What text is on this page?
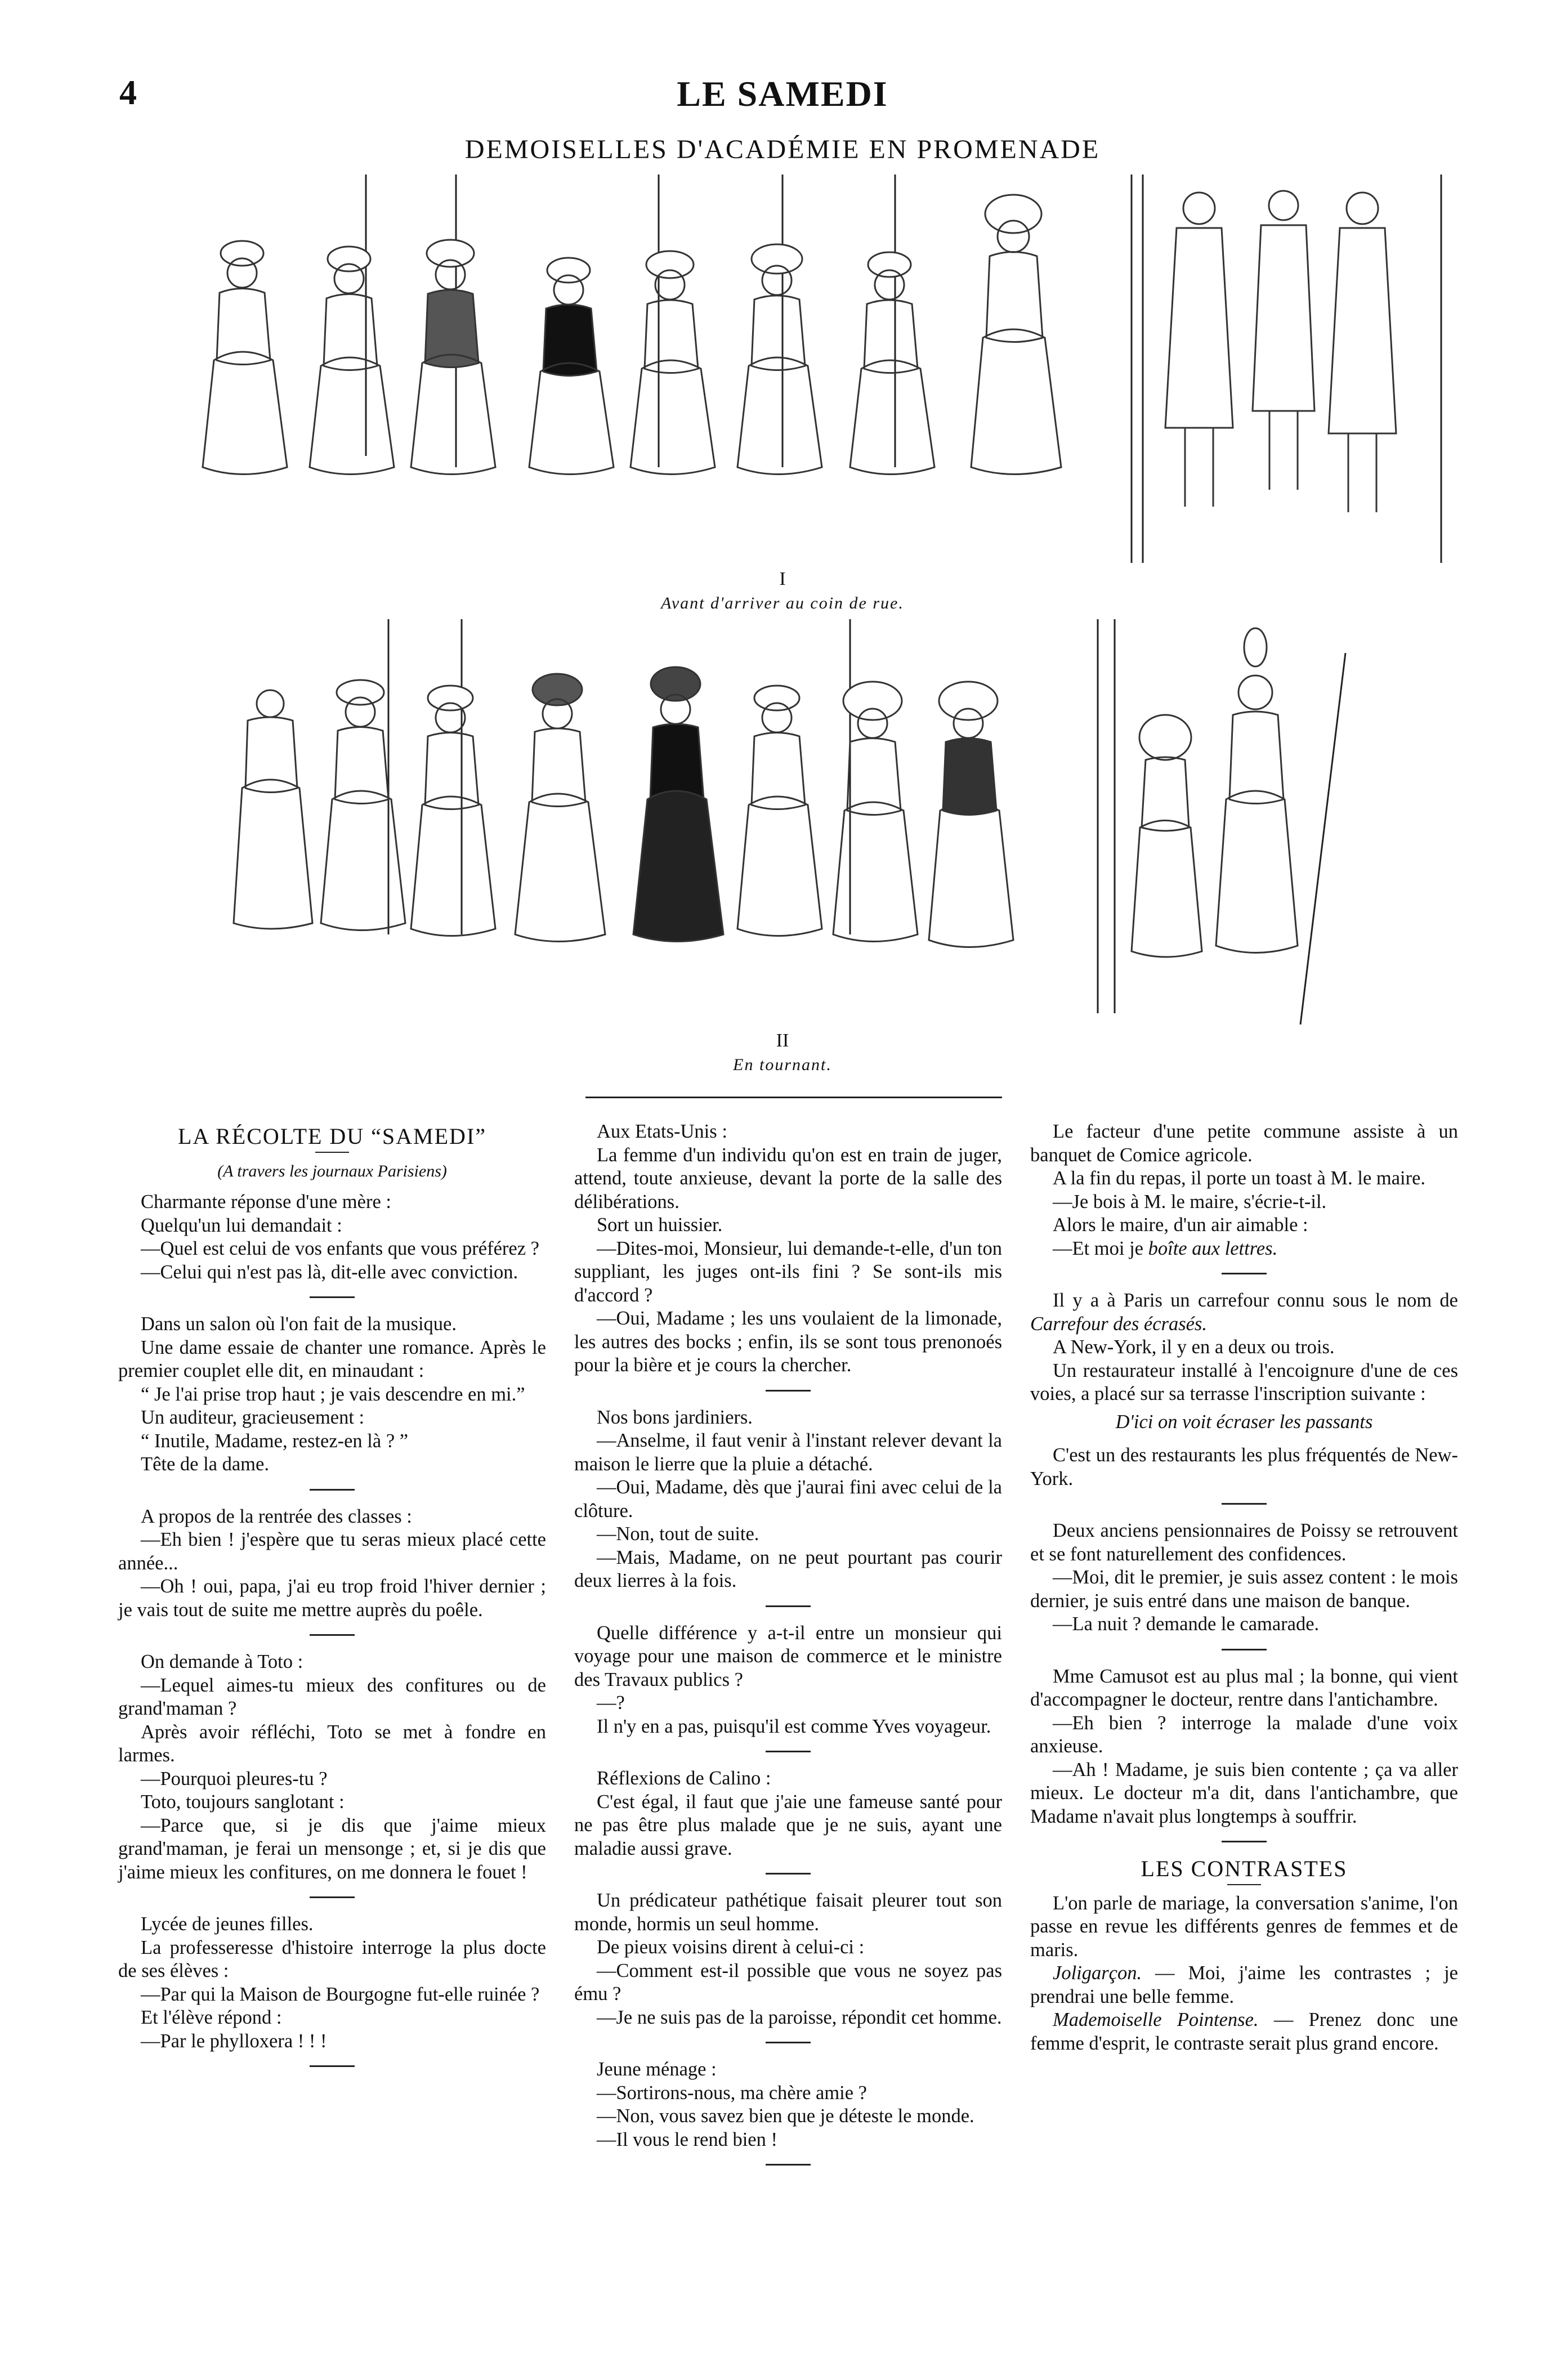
4	LE SAMEDI
DEMOISELLES D'ACADÉMIE EN PROMENADE
I
Avant d'arriver au coin de rue.
II
En tournant.

LA RÉCOLTE DU “SAMEDI”

(A travers les journaux Parisiens)

Charmante réponse d'une mère :

Quelqu'un lui demandait :

—Quel est celui de vos enfants que vous préférez ?

—Celui qui n'est pas là, dit-elle avec conviction.

Dans un salon où l'on fait de la musique.

Une dame essaie de chanter une romance. Après le premier couplet elle dit, en minaudant :

“ Je l'ai prise trop haut ; je vais descendre en mi.”

Un auditeur, gracieusement :

“ Inutile, Madame, restez-en là ? ”

Tête de la dame.

A propos de la rentrée des classes :

—Eh bien ! j'espère que tu seras mieux placé cette année...

—Oh ! oui, papa, j'ai eu trop froid l'hiver dernier ; je vais tout de suite me mettre auprès du poêle.

On demande à Toto :

—Lequel aimes-tu mieux des confitures ou de grand'maman ?

Après avoir réfléchi, Toto se met à fondre en larmes.

—Pourquoi pleures-tu ?

Toto, toujours sanglotant :

—Parce que, si je dis que j'aime mieux grand'maman, je ferai un mensonge ; et, si je dis que j'aime mieux les confitures, on me donnera le fouet !

Lycée de jeunes filles.

La professeresse d'histoire interroge la plus docte de ses élèves :

—Par qui la Maison de Bourgogne fut-elle ruinée ?

Et l'élève répond :

—Par le phylloxera ! ! !

Aux Etats-Unis :

La femme d'un individu qu'on est en train de juger, attend, toute anxieuse, devant la porte de la salle des délibérations.

Sort un huissier.

—Dites-moi, Monsieur, lui demande-t-elle, d'un ton suppliant, les juges ont-ils fini ? Se sont-ils mis d'accord ?

—Oui, Madame ; les uns voulaient de la limonade, les autres des bocks ; enfin, ils se sont tous prenonoés pour la bière et je cours la chercher.

Nos bons jardiniers.

—Anselme, il faut venir à l'instant relever devant la maison le lierre que la pluie a détaché.

—Oui, Madame, dès que j'aurai fini avec celui de la clôture.

—Non, tout de suite.

—Mais, Madame, on ne peut pourtant pas courir deux lierres à la fois.

Quelle différence y a-t-il entre un monsieur qui voyage pour une maison de commerce et le ministre des Travaux publics ?

—?

Il n'y en a pas, puisqu'il est comme Yves voyageur.

Réflexions de Calino :

C'est égal, il faut que j'aie une fameuse santé pour ne pas être plus malade que je ne suis, ayant une maladie aussi grave.

Un prédicateur pathétique faisait pleurer tout son monde, hormis un seul homme.

De pieux voisins dirent à celui-ci :

—Comment est-il possible que vous ne soyez pas ému ?

—Je ne suis pas de la paroisse, répondit cet homme.

Jeune ménage :

—Sortirons-nous, ma chère amie ?

—Non, vous savez bien que je déteste le monde.

—Il vous le rend bien !

Le facteur d'une petite commune assiste à un banquet de Comice agricole.

A la fin du repas, il porte un toast à M. le maire.

—Je bois à M. le maire, s'écrie-t-il.

Alors le maire, d'un air aimable :

—Et moi je boîte aux lettres.

Il y a à Paris un carrefour connu sous le nom de Carrefour des écrasés.

A New-York, il y en a deux ou trois.

Un restaurateur installé à l'encoignure d'une de ces voies, a placé sur sa terrasse l'inscription suivante :

D'ici on voit écraser les passants

C'est un des restaurants les plus fréquentés de New-York.

Deux anciens pensionnaires de Poissy se retrouvent et se font naturellement des confidences.

—Moi, dit le premier, je suis assez content : le mois dernier, je suis entré dans une maison de banque.

—La nuit ? demande le camarade.

Mme Camusot est au plus mal ; la bonne, qui vient d'accompagner le docteur, rentre dans l'antichambre.

—Eh bien ? interroge la malade d'une voix anxieuse.

—Ah ! Madame, je suis bien contente ; ça va aller mieux. Le docteur m'a dit, dans l'antichambre, que Madame n'avait plus longtemps à souffrir.

LES CONTRASTES

L'on parle de mariage, la conversation s'anime, l'on passe en revue les différents genres de femmes et de maris.

Joligarçon. — Moi, j'aime les contrastes ; je prendrai une belle femme.

Mademoiselle Pointense. — Prenez donc une femme d'esprit, le contraste serait plus grand encore.
